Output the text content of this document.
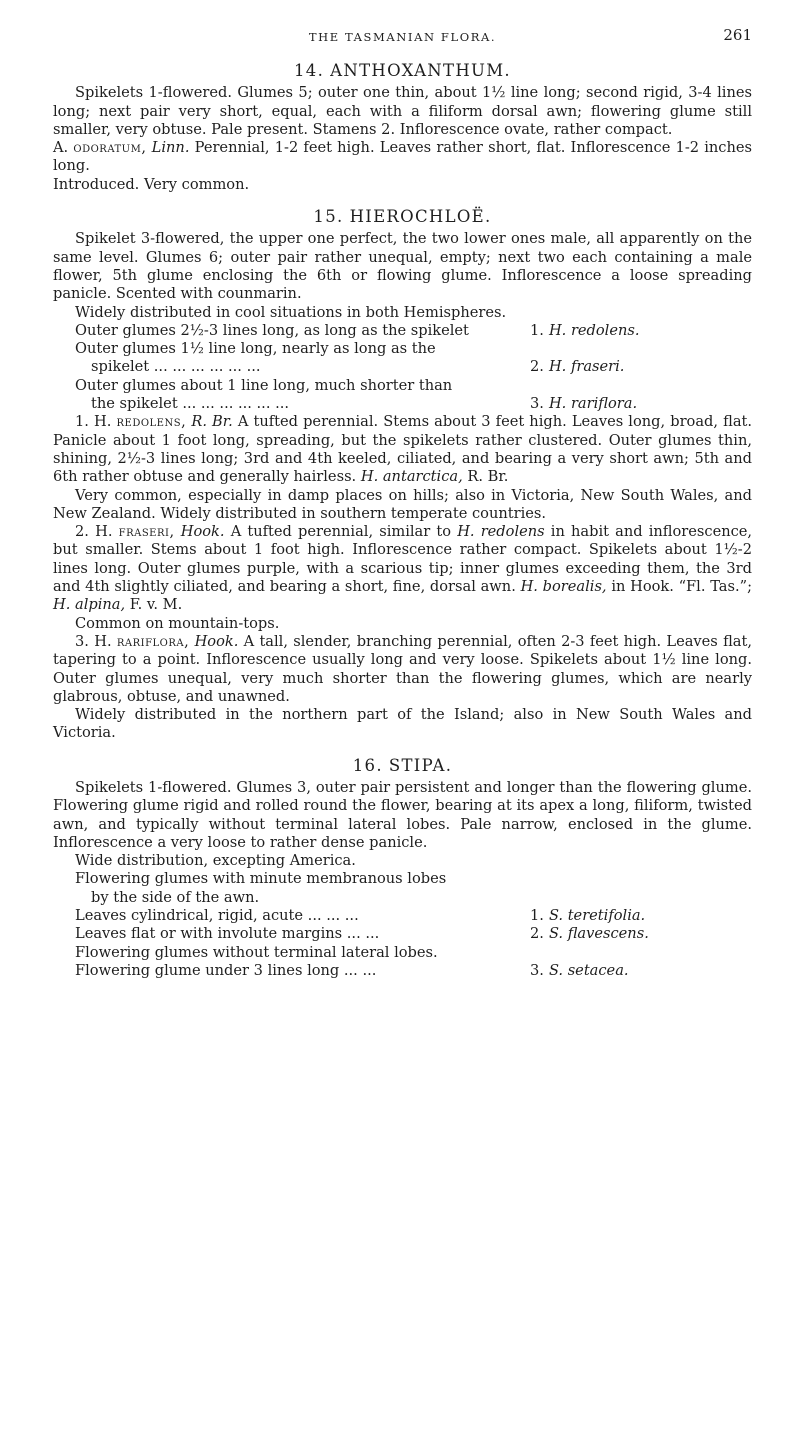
THE TASMANIAN FLORA.	261
14. ANTHOXANTHUM.

Spikelets 1-flowered. Glumes 5; outer one thin, about 1½ line long; second rigid, 3-4 lines long; next pair very short, equal, each with a filiform dorsal awn; flowering glume still smaller, very obtuse. Pale present. Stamens 2. Inflorescence ovate, rather compact.

A. odoratum, Linn. Perennial, 1-2 feet high. Leaves rather short, flat. Inflorescence 1-2 inches long.

Introduced. Very common.

15. HIEROCHLOË.

Spikelet 3-flowered, the upper one perfect, the two lower ones male, all apparently on the same level. Glumes 6; outer pair rather unequal, empty; next two each containing a male flower, 5th glume enclosing the 6th or flowing glume. Inflorescence a loose spreading panicle. Scented with counmarin.

Widely distributed in cool situations in both Hemispheres.

Outer glumes 2½-3 lines long, as long as the spikelet	1. H. redolens.
Outer glumes 1½ line long, nearly as long as the
spikelet ... ... ... ... ... ...	2. H. fraseri.
Outer glumes about 1 line long, much shorter than
the spikelet ... ... ... ... ... ...	3. H. rariflora.

1. H. redolens, R. Br. A tufted perennial. Stems about 3 feet high. Leaves long, broad, flat. Panicle about 1 foot long, spreading, but the spikelets rather clustered. Outer glumes thin, shining, 2½-3 lines long; 3rd and 4th keeled, ciliated, and bearing a very short awn; 5th and 6th rather obtuse and generally hairless. H. antarctica, R. Br.

Very common, especially in damp places on hills; also in Victoria, New South Wales, and New Zealand. Widely distributed in southern temperate countries.

2. H. fraseri, Hook. A tufted perennial, similar to H. redolens in habit and inflorescence, but smaller. Stems about 1 foot high. Inflorescence rather compact. Spikelets about 1½-2 lines long. Outer glumes purple, with a scarious tip; inner glumes exceeding them, the 3rd and 4th slightly ciliated, and bearing a short, fine, dorsal awn. H. borealis, in Hook. “Fl. Tas.”; H. alpina, F. v. M.

Common on mountain-tops.

3. H. rariflora, Hook. A tall, slender, branching perennial, often 2-3 feet high. Leaves flat, tapering to a point. Inflorescence usually long and very loose. Spikelets about 1½ line long. Outer glumes unequal, very much shorter than the flowering glumes, which are nearly glabrous, obtuse, and unawned.

Widely distributed in the northern part of the Island; also in New South Wales and Victoria.

16. STIPA.

Spikelets 1-flowered. Glumes 3, outer pair persistent and longer than the flowering glume. Flowering glume rigid and rolled round the flower, bearing at its apex a long, filiform, twisted awn, and typically without terminal lateral lobes. Pale narrow, enclosed in the glume. Inflorescence a very loose to rather dense panicle.

Wide distribution, excepting America.

Flowering glumes with minute membranous lobes
by the side of the awn.
Leaves cylindrical, rigid, acute ... ... ...	1. S. teretifolia.
Leaves flat or with involute margins ... ...	2. S. flavescens.
Flowering glumes without terminal lateral lobes.
Flowering glume under 3 lines long ... ...	3. S. setacea.
